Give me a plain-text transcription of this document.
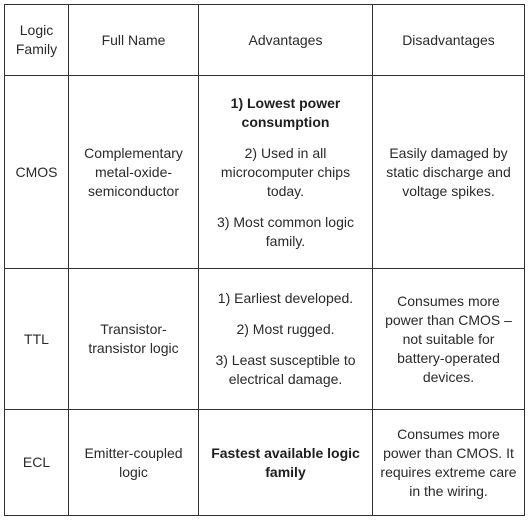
Logic
Family	Full Name	Advantages	Disadvantages
CMOS	Complementary metal-oxide-semiconductor	1) Lowest power consumption

2) Used in all microcomputer chips today.

3) Most common logic family.	Easily damaged by static discharge and voltage spikes.
TTL	Transistor-transistor logic	1) Earliest developed.

2) Most rugged.

3) Least susceptible to electrical damage.	Consumes more power than CMOS – not suitable for battery-operated devices.
ECL	Emitter-coupled logic	Fastest available logic family	Consumes more power than CMOS. It requires extreme care in the wiring.
